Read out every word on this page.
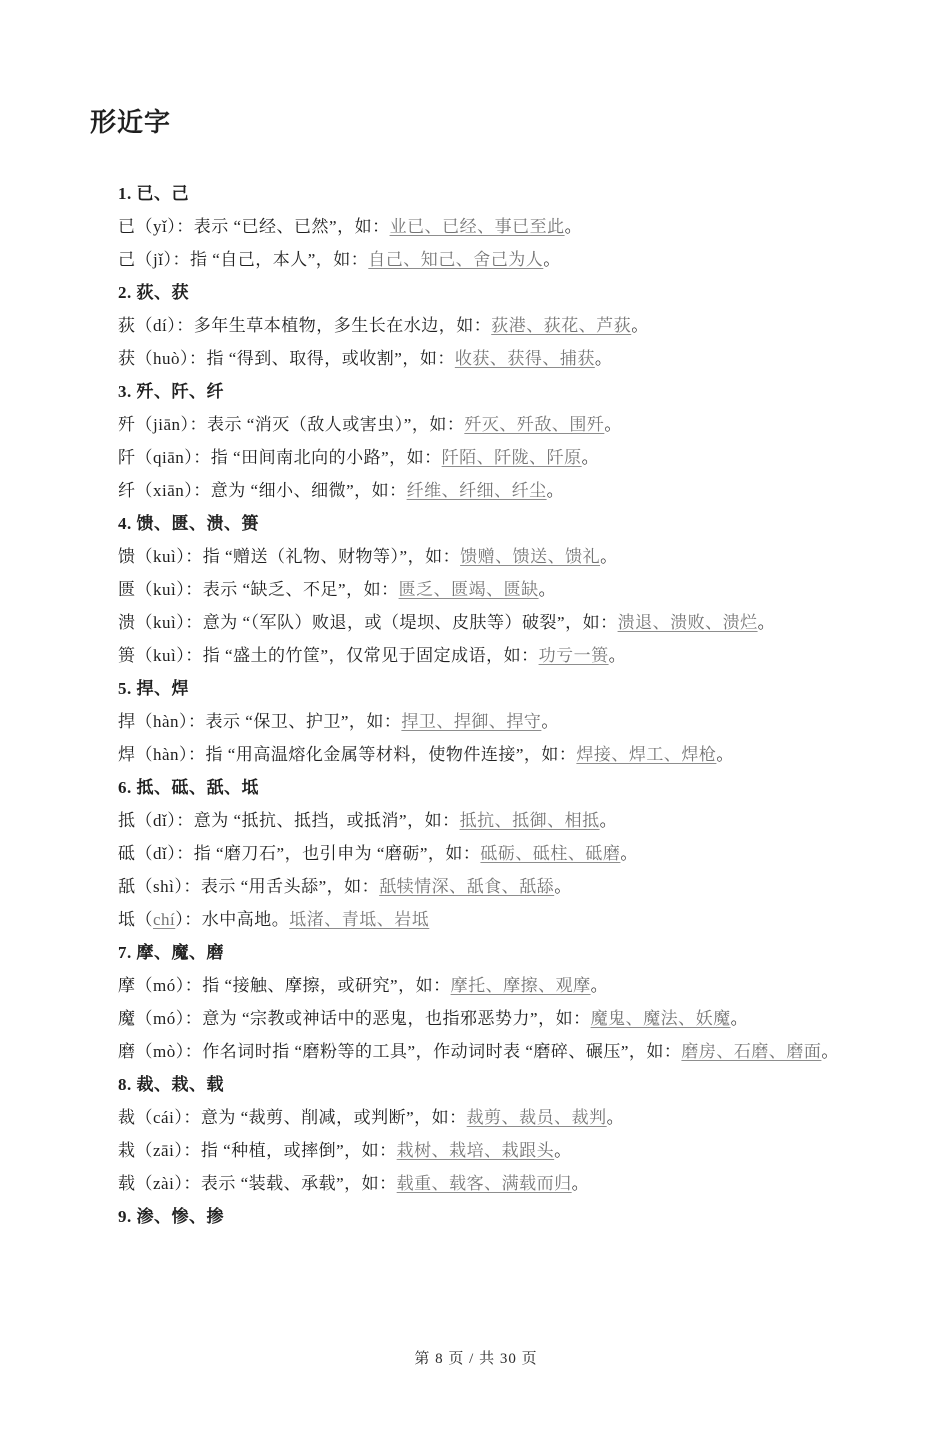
形近字

1. 已、己

已（yǐ）：表示 “已经、已然”，如：业已、已经、事已至此。

己（jǐ）：指 “自己，本人”，如：自己、知己、舍己为人。

2. 荻、获

荻（dí）：多年生草本植物，多生长在水边，如：荻港、荻花、芦荻。

获（huò）：指 “得到、取得，或收割”，如：收获、获得、捕获。

3. 歼、阡、纤

歼（jiān）：表示 “消灭（敌人或害虫）”，如：歼灭、歼敌、围歼。

阡（qiān）：指 “田间南北向的小路”，如：阡陌、阡陇、阡原。

纤（xiān）：意为 “细小、细微”，如：纤维、纤细、纤尘。

4. 馈、匮、溃、篑

馈（kuì）：指 “赠送（礼物、财物等）”，如：馈赠、馈送、馈礼。

匮（kuì）：表示 “缺乏、不足”，如：匮乏、匮竭、匮缺。

溃（kuì）：意为 “（军队）败退，或（堤坝、皮肤等）破裂”，如：溃退、溃败、溃烂。

篑（kuì）：指 “盛土的竹筐”，仅常见于固定成语，如：功亏一篑。

5. 捍、焊

捍（hàn）：表示 “保卫、护卫”，如：捍卫、捍御、捍守。

焊（hàn）：指 “用高温熔化金属等材料，使物件连接”，如：焊接、焊工、焊枪。

6. 抵、砥、舐、坻

抵（dǐ）：意为 “抵抗、抵挡，或抵消”，如：抵抗、抵御、相抵。

砥（dǐ）：指 “磨刀石”，也引申为 “磨砺”，如：砥砺、砥柱、砥磨。

舐（shì）：表示 “用舌头舔”，如：舐犊情深、舐食、舐舔。

坻（chí）：水中高地。坻渚、青坻、岩坻

7. 摩、魔、磨

摩（mó）：指 “接触、摩擦，或研究”，如：摩托、摩擦、观摩。

魔（mó）：意为 “宗教或神话中的恶鬼，也指邪恶势力”，如：魔鬼、魔法、妖魔。

磨（mò）：作名词时指 “磨粉等的工具”，作动词时表 “磨碎、碾压”，如：磨房、石磨、磨面。

8. 裁、栽、载

裁（cái）：意为 “裁剪、削减，或判断”，如：裁剪、裁员、裁判。

栽（zāi）：指 “种植，或摔倒”，如：栽树、栽培、栽跟头。

载（zài）：表示 “装载、承载”，如：载重、载客、满载而归。

9. 渗、惨、掺

第 8 页 / 共 30 页
